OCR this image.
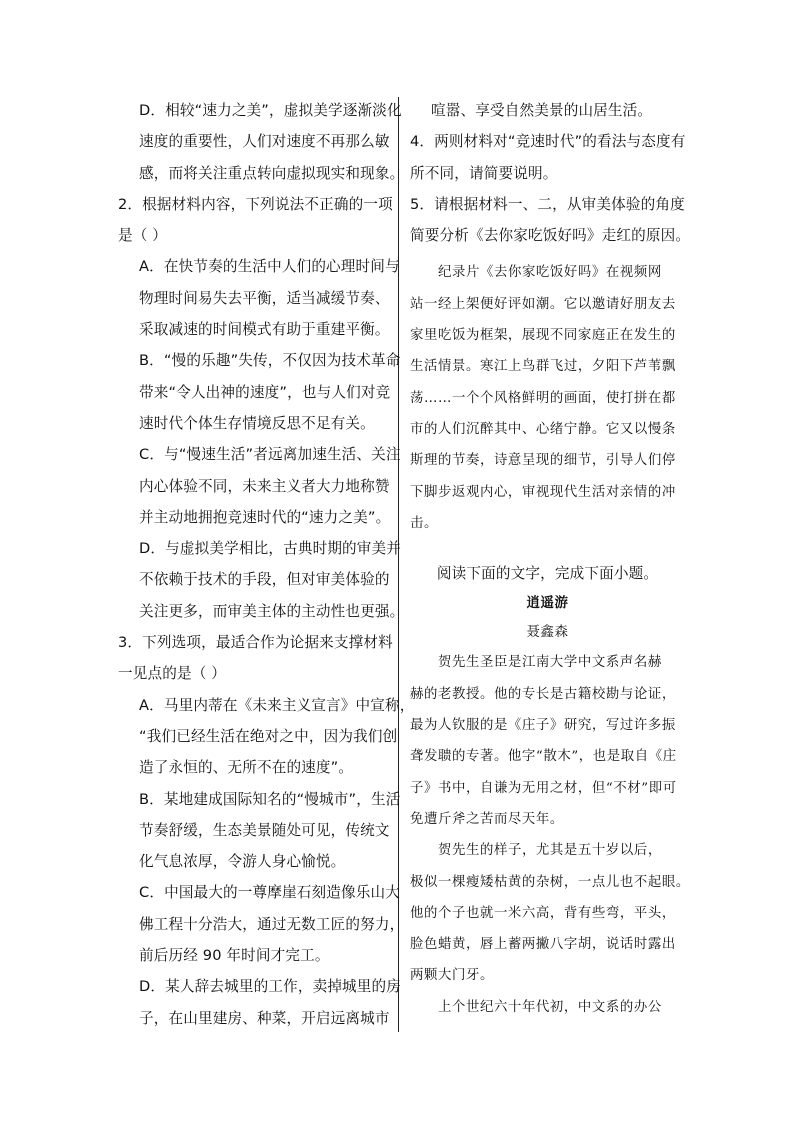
D．相较“速力之美”，虚拟美学逐渐淡化
速度的重要性，人们对速度不再那么敏
感，而将关注重点转向虚拟现实和现象。
2．根据材料内容，下列说法不正确的一项
是（ ）
A．在快节奏的生活中人们的心理时间与
物理时间易失去平衡，适当减缓节奏、
采取减速的时间模式有助于重建平衡。
B．“慢的乐趣”失传，不仅因为技术革命
带来“令人出神的速度”，也与人们对竞
速时代个体生存情境反思不足有关。
C．与“慢速生活”者远离加速生活、关注
内心体验不同，未来主义者大力地称赞
并主动地拥抱竞速时代的“速力之美”。
D．与虚拟美学相比，古典时期的审美并
不依赖于技术的手段，但对审美体验的
关注更多，而审美主体的主动性也更强。
3．下列选项，最适合作为论据来支撑材料
一见点的是（ ）
A．马里内蒂在《未来主义宣言》中宣称，
“我们已经生活在绝对之中，因为我们创
造了永恒的、无所不在的速度”。
B．某地建成国际知名的“慢城市”，生活
节奏舒缓，生态美景随处可见，传统文
化气息浓厚，令游人身心愉悦。
C．中国最大的一尊摩崖石刻造像乐山大
佛工程十分浩大，通过无数工匠的努力，
前后历经 90 年时间才完工。
D．某人辞去城里的工作，卖掉城里的房
子，在山里建房、种菜，开启远离城市
喧嚣、享受自然美景的山居生活。
4．两则材料对“竞速时代”的看法与态度有
所不同，请简要说明。
5．请根据材料一、二，从审美体验的角度
简要分析《去你家吃饭好吗》走红的原因。
纪录片《去你家吃饭好吗》在视频网
站一经上架便好评如潮。它以邀请好朋友去
家里吃饭为框架，展现不同家庭正在发生的
生活情景。寒江上鸟群飞过，夕阳下芦苇飘
荡……一个个风格鲜明的画面，使打拼在都
市的人们沉醉其中、心绪宁静。它又以慢条
斯理的节奏，诗意呈现的细节，引导人们停
下脚步返观内心，审视现代生活对亲情的冲
击。
阅读下面的文字，完成下面小题。
逍遥游
聂鑫森
贺先生圣臣是江南大学中文系声名赫
赫的老教授。他的专长是古籍校勘与论证，
最为人钦服的是《庄子》研究，写过许多振
聋发聩的专著。他字“散木”，也是取自《庄
子》书中，自谦为无用之材，但“不材”即可
免遭斤斧之苦而尽天年。
贺先生的样子，尤其是五十岁以后，
极似一棵瘦矮枯黄的杂树，一点儿也不起眼。
他的个子也就一米六高，背有些弯，平头，
脸色蜡黄，唇上蓄两撇八字胡，说话时露出
两颗大门牙。
上个世纪六十年代初，中文系的办公
